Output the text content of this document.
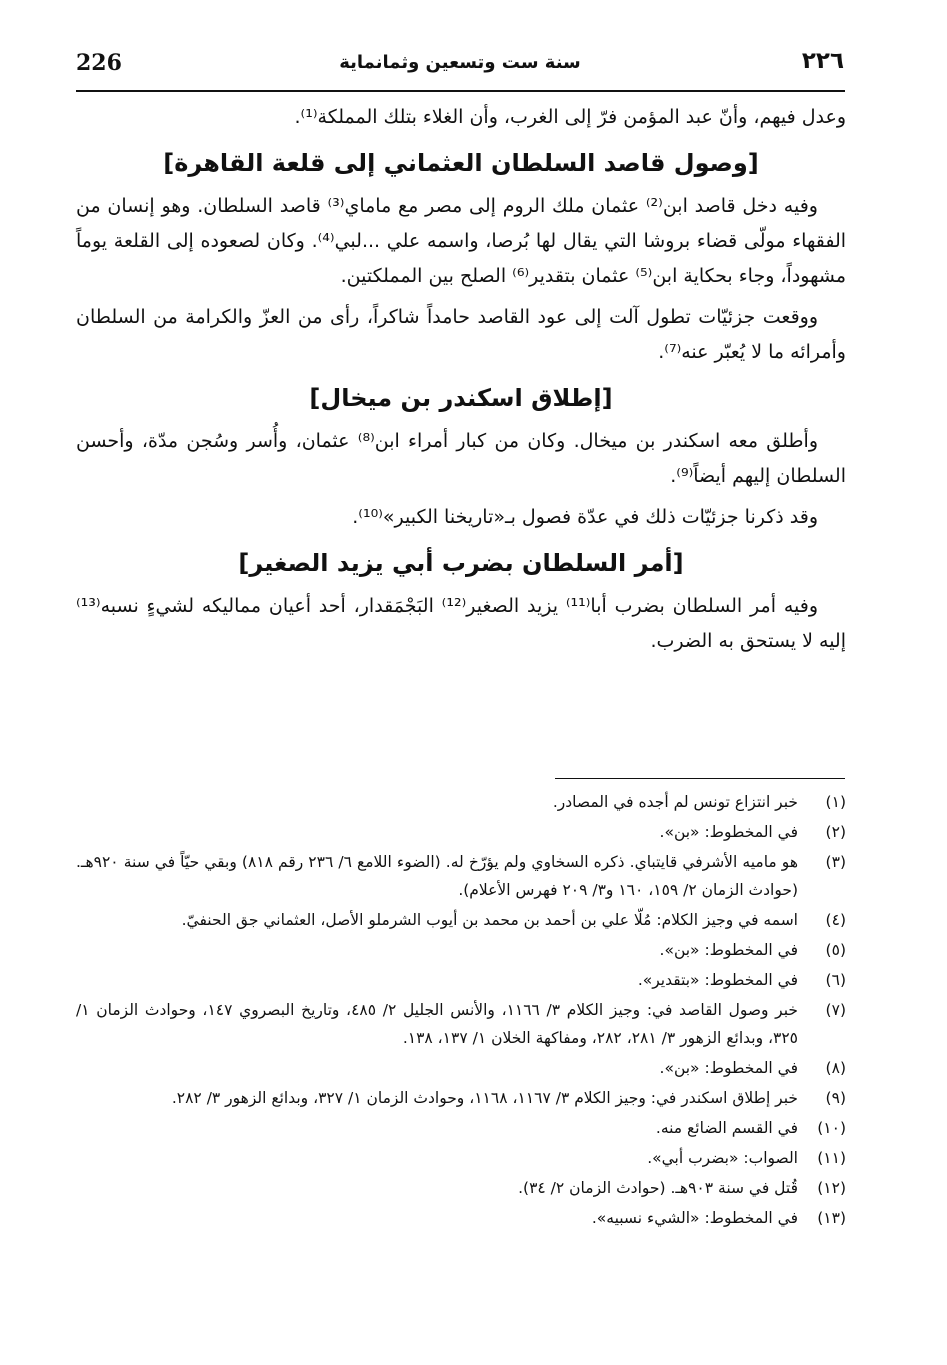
226	سنة ست وتسعين وثمانماية	٢٢٦

وعدل فيهم، وأنّ عبد المؤمن فرّ إلى الغرب، وأن الغلاء بتلك المملكة⁽¹⁾.

[وصول قاصد السلطان العثماني إلى قلعة القاهرة]

وفيه دخل قاصد ابن⁽²⁾ عثمان ملك الروم إلى مصر مع ماماي⁽³⁾ قاصد السلطان. وهو إنسان من الفقهاء مولّى قضاء بروشا التي يقال لها بُرصا، واسمه علي ...لبي⁽⁴⁾. وكان لصعوده إلى القلعة يوماً مشهوداً، وجاء بحكاية ابن⁽⁵⁾ عثمان بتقدير⁽⁶⁾ الصلح بين المملكتين.

ووقعت جزئيّات تطول آلت إلى عود القاصد حامداً شاكراً، رأى من العزّ والكرامة من السلطان وأمرائه ما لا يُعبّر عنه⁽⁷⁾.

[إطلاق اسكندر بن ميخال]

وأطلق معه اسكندر بن ميخال. وكان من كبار أمراء ابن⁽⁸⁾ عثمان، وأُسر وسُجن مدّة، وأحسن السلطان إليهم أيضاً⁽⁹⁾.

وقد ذكرنا جزئيّات ذلك في عدّة فصول بـ«تاريخنا الكبير»⁽¹⁰⁾.

[أمر السلطان بضرب أبي يزيد الصغير]

وفيه أمر السلطان بضرب أبا⁽¹¹⁾ يزيد الصغير⁽¹²⁾ البَجْمَقدار، أحد أعيان مماليكه لشيءٍ نسبه⁽¹³⁾ إليه لا يستحق به الضرب.

(١)
خبر انتزاع تونس لم أجده في المصادر.
(٢)
في المخطوط: «بن».
(٣)
هو ماميه الأشرفي قايتباي. ذكره السخاوي ولم يؤرّخ له. (الضوء اللامع ٦/ ٢٣٦ رقم ٨١٨) وبقي حيّاً في سنة ٩٢٠هـ. (حوادث الزمان ٢/ ١٥٩، ١٦٠ و٣/ ٢٠٩ فهرس الأعلام).
(٤)
اسمه في وجيز الكلام: مُلّا علي بن أحمد بن محمد بن أيوب الشرملو الأصل، العثماني جق الحنفيّ.
(٥)
في المخطوط: «بن».
(٦)
في المخطوط: «بتقدير».
(٧)
خبر وصول القاصد في: وجيز الكلام ٣/ ١١٦٦، والأنس الجليل ٢/ ٤٨٥، وتاريخ البصروي ١٤٧، وحوادث الزمان ١/ ٣٢٥، وبدائع الزهور ٣/ ٢٨١، ٢٨٢، ومفاكهة الخلان ١/ ١٣٧، ١٣٨.
(٨)
في المخطوط: «بن».
(٩)
خبر إطلاق اسكندر في: وجيز الكلام ٣/ ١١٦٧، ١١٦٨، وحوادث الزمان ١/ ٣٢٧، وبدائع الزهور ٣/ ٢٨٢.
(١٠)
في القسم الضائع منه.
(١١)
الصواب: «بضرب أبي».
(١٢)
قُتل في سنة ٩٠٣هـ. (حوادث الزمان ٢/ ٣٤).
(١٣)
في المخطوط: «الشيء نسبيه».
